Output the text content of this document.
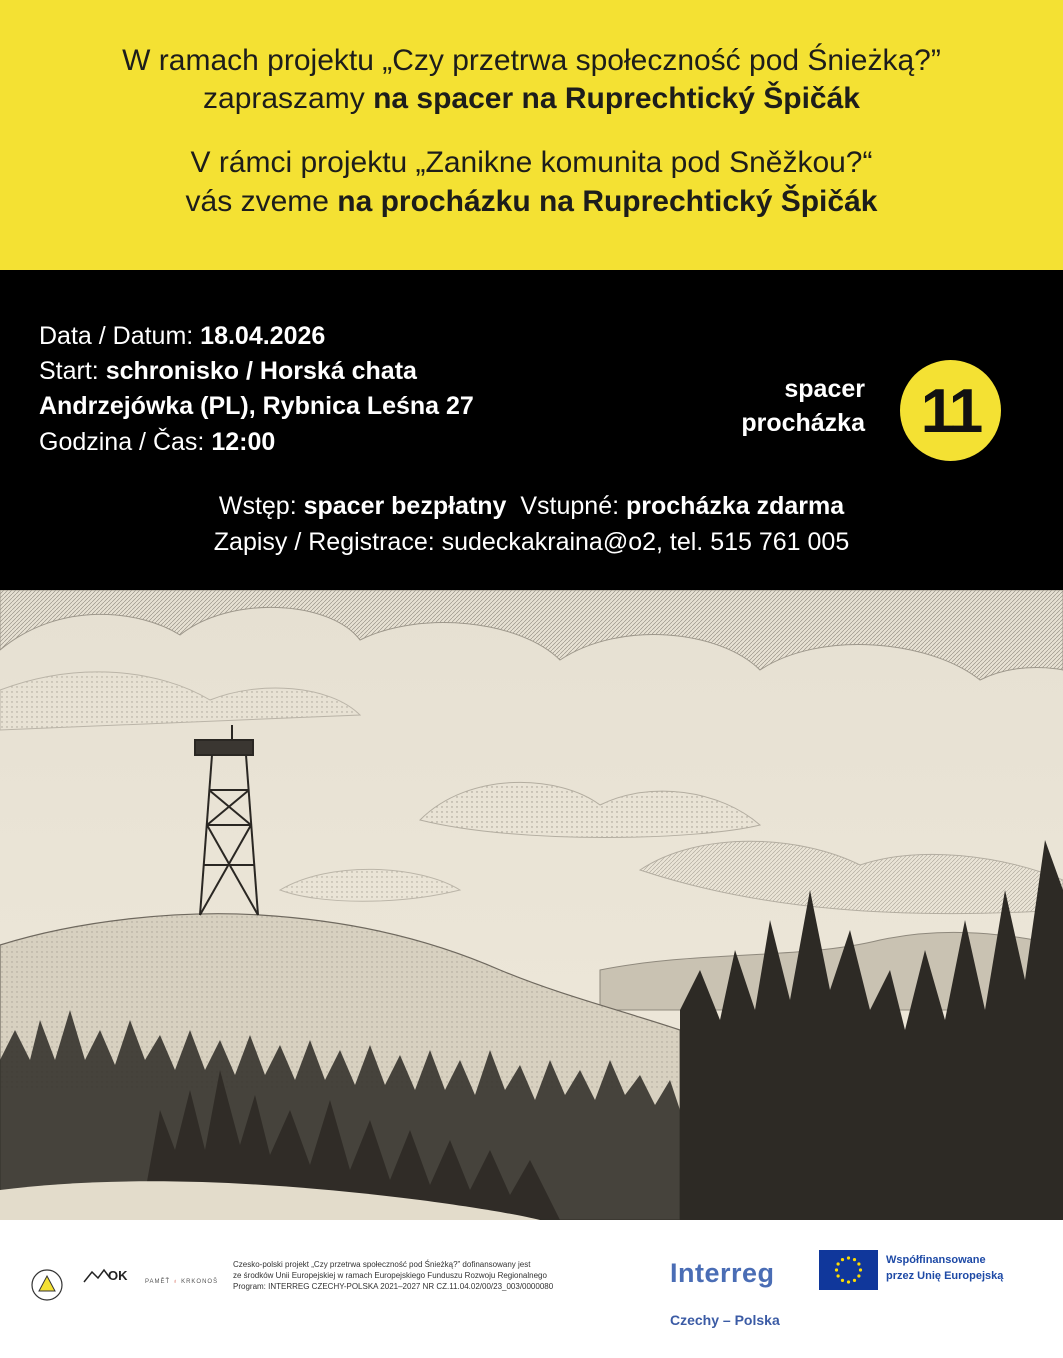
W ramach projektu „Czy przetrwa społeczność pod Śnieżką?”
zapraszamy na spacer na Ruprechtický Špičák
V rámci projektu „Zanikne komunita pod Sněžkou?“
vás zveme na procházku na Ruprechtický Špičák
Data / Datum: 18.04.2026
Start: schronisko / Horská chata
Andrzejówka (PL), Rybnica Leśna 27
Godzina / Čas: 12:00
spacer
procházka 11
Wstęp: spacer bezpłatny Vstupné: procházka zdarma
Zapisy / Registrace: sudeckakraina@o2, tel. 515 761 005
OK	PAMĚŤ ♁ KRKONOŠ
Czesko-polski projekt „Czy przetrwa społeczność pod Śnieżką?” dofinansowany jest
ze środków Unii Europejskiej w ramach Europejskiego Funduszu Rozwoju Regionalnego
Program: INTERREG CZECHY-POLSKA 2021–2027 NR CZ.11.04.02/00/23_003/0000080	Interreg
Czechy – Polska
Współfinansowane
przez Unię Europejską
